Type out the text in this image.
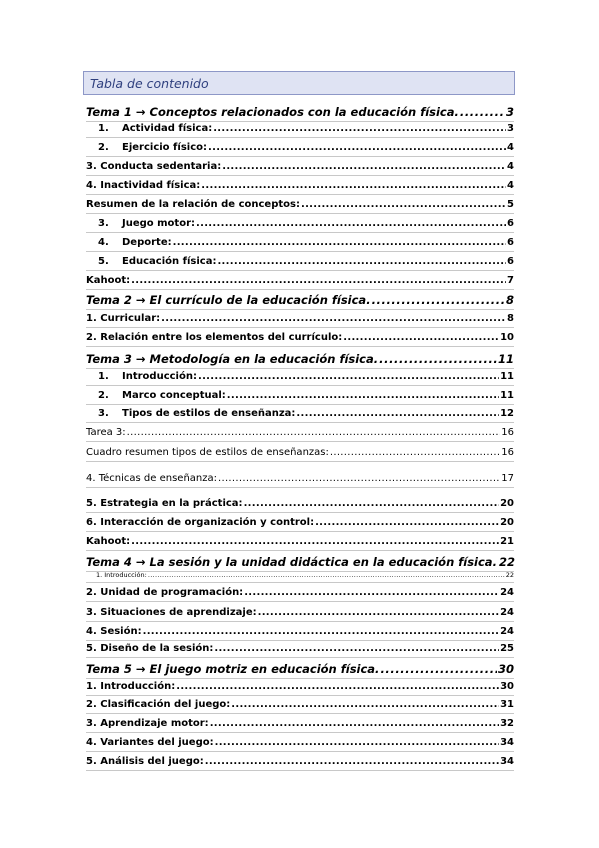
Tabla de contenido
Tema 1 → Conceptos relacionados con la educación física. .....	3
1. Actividad física: .....	3
2. Ejercicio físico: .....	4
3. Conducta sedentaria: .....	4
4. Inactividad física: .....	4
Resumen de la relación de conceptos: .....	5
3. Juego motor: .....	6
4. Deporte: .....	6
5. Educación física: .....	6
Kahoot: .....	7
Tema 2 → El currículo de la educación física. .....	8
1. Curricular: .....	8
2. Relación entre los elementos del currículo: .....	10
Tema 3 → Metodología en la educación física. .....	11
1. Introducción: .....	11
2. Marco conceptual: .....	11
3. Tipos de estilos de enseñanza: .....	12
Tarea 3: .....	16
Cuadro resumen tipos de estilos de enseñanzas: .....	16
4. Técnicas de enseñanza: .....	17
5. Estrategia en la práctica: .....	20
6. Interacción de organización y control: .....	20
Kahoot: .....	21
Tema 4 → La sesión y la unidad didáctica en la educación física. 22
1. Introducción: .....	22
2. Unidad de programación: .....	24
3. Situaciones de aprendizaje: .....	24
4. Sesión: .....	24
5. Diseño de la sesión: .....	25
Tema 5 → El juego motriz en educación física. .....	30
1. Introducción: .....	30
2. Clasificación del juego: .....	31
3. Aprendizaje motor: .....	32
4. Variantes del juego: .....	34
5. Análisis del juego: .....	34
